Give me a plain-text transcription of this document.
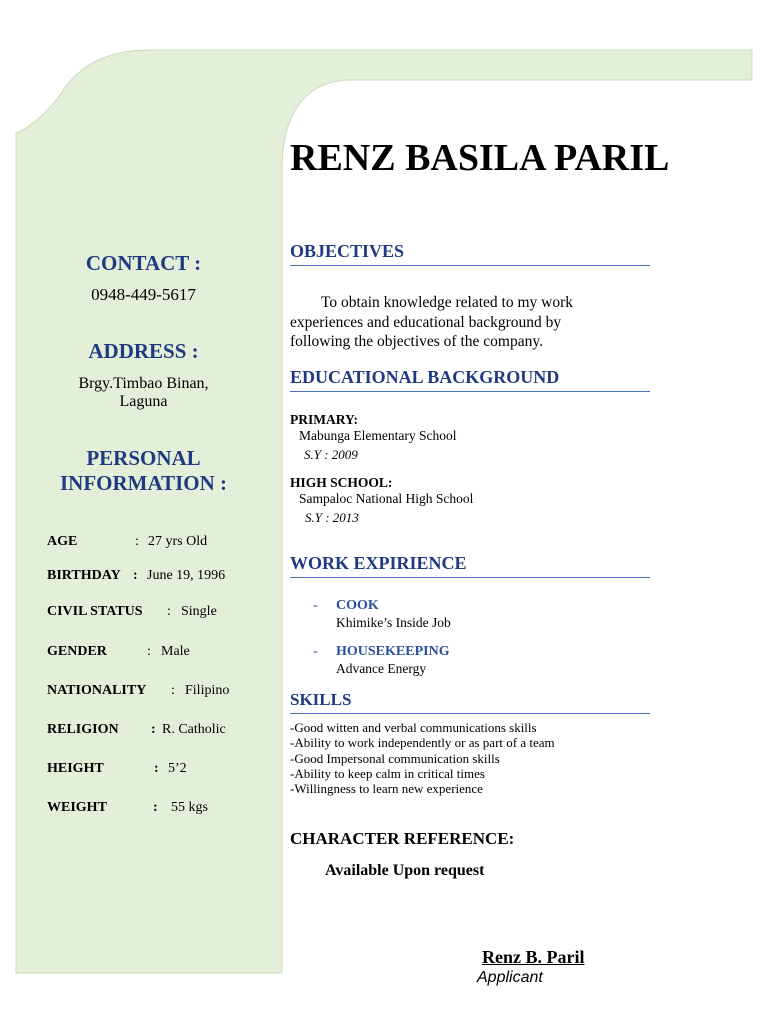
CONTACT :
0948-449-5617
ADDRESS :
Brgy.Timbao Binan,
Laguna
PERSONAL
INFORMATION :
AGE	: 27 yrs Old
BIRTHDAY : June 19, 1996
CIVIL STATUS : Single
GENDER	: Male
NATIONALITY : Filipino
RELIGION : R. Catholic
HEIGHT	: 5’2
WEIGHT	: 55 kgs
RENZ BASILA PARIL
OBJECTIVES
To obtain knowledge related to my work
experiences and educational background by
following the objectives of the company.
EDUCATIONAL BACKGROUND
PRIMARY:
Mabunga Elementary School
S.Y : 2009
HIGH SCHOOL:
Sampaloc National High School
S.Y : 2013
WORK EXPIRIENCE
- COOK
Khimike’s Inside Job
- HOUSEKEEPING
Advance Energy
SKILLS
-Good witten and verbal communications skills
-Ability to work independently or as part of a team
-Good Impersonal communication skills
-Ability to keep calm in critical times
-Willingness to learn new experience
CHARACTER REFERENCE:
Available Upon request
Renz B. Paril
Applicant
